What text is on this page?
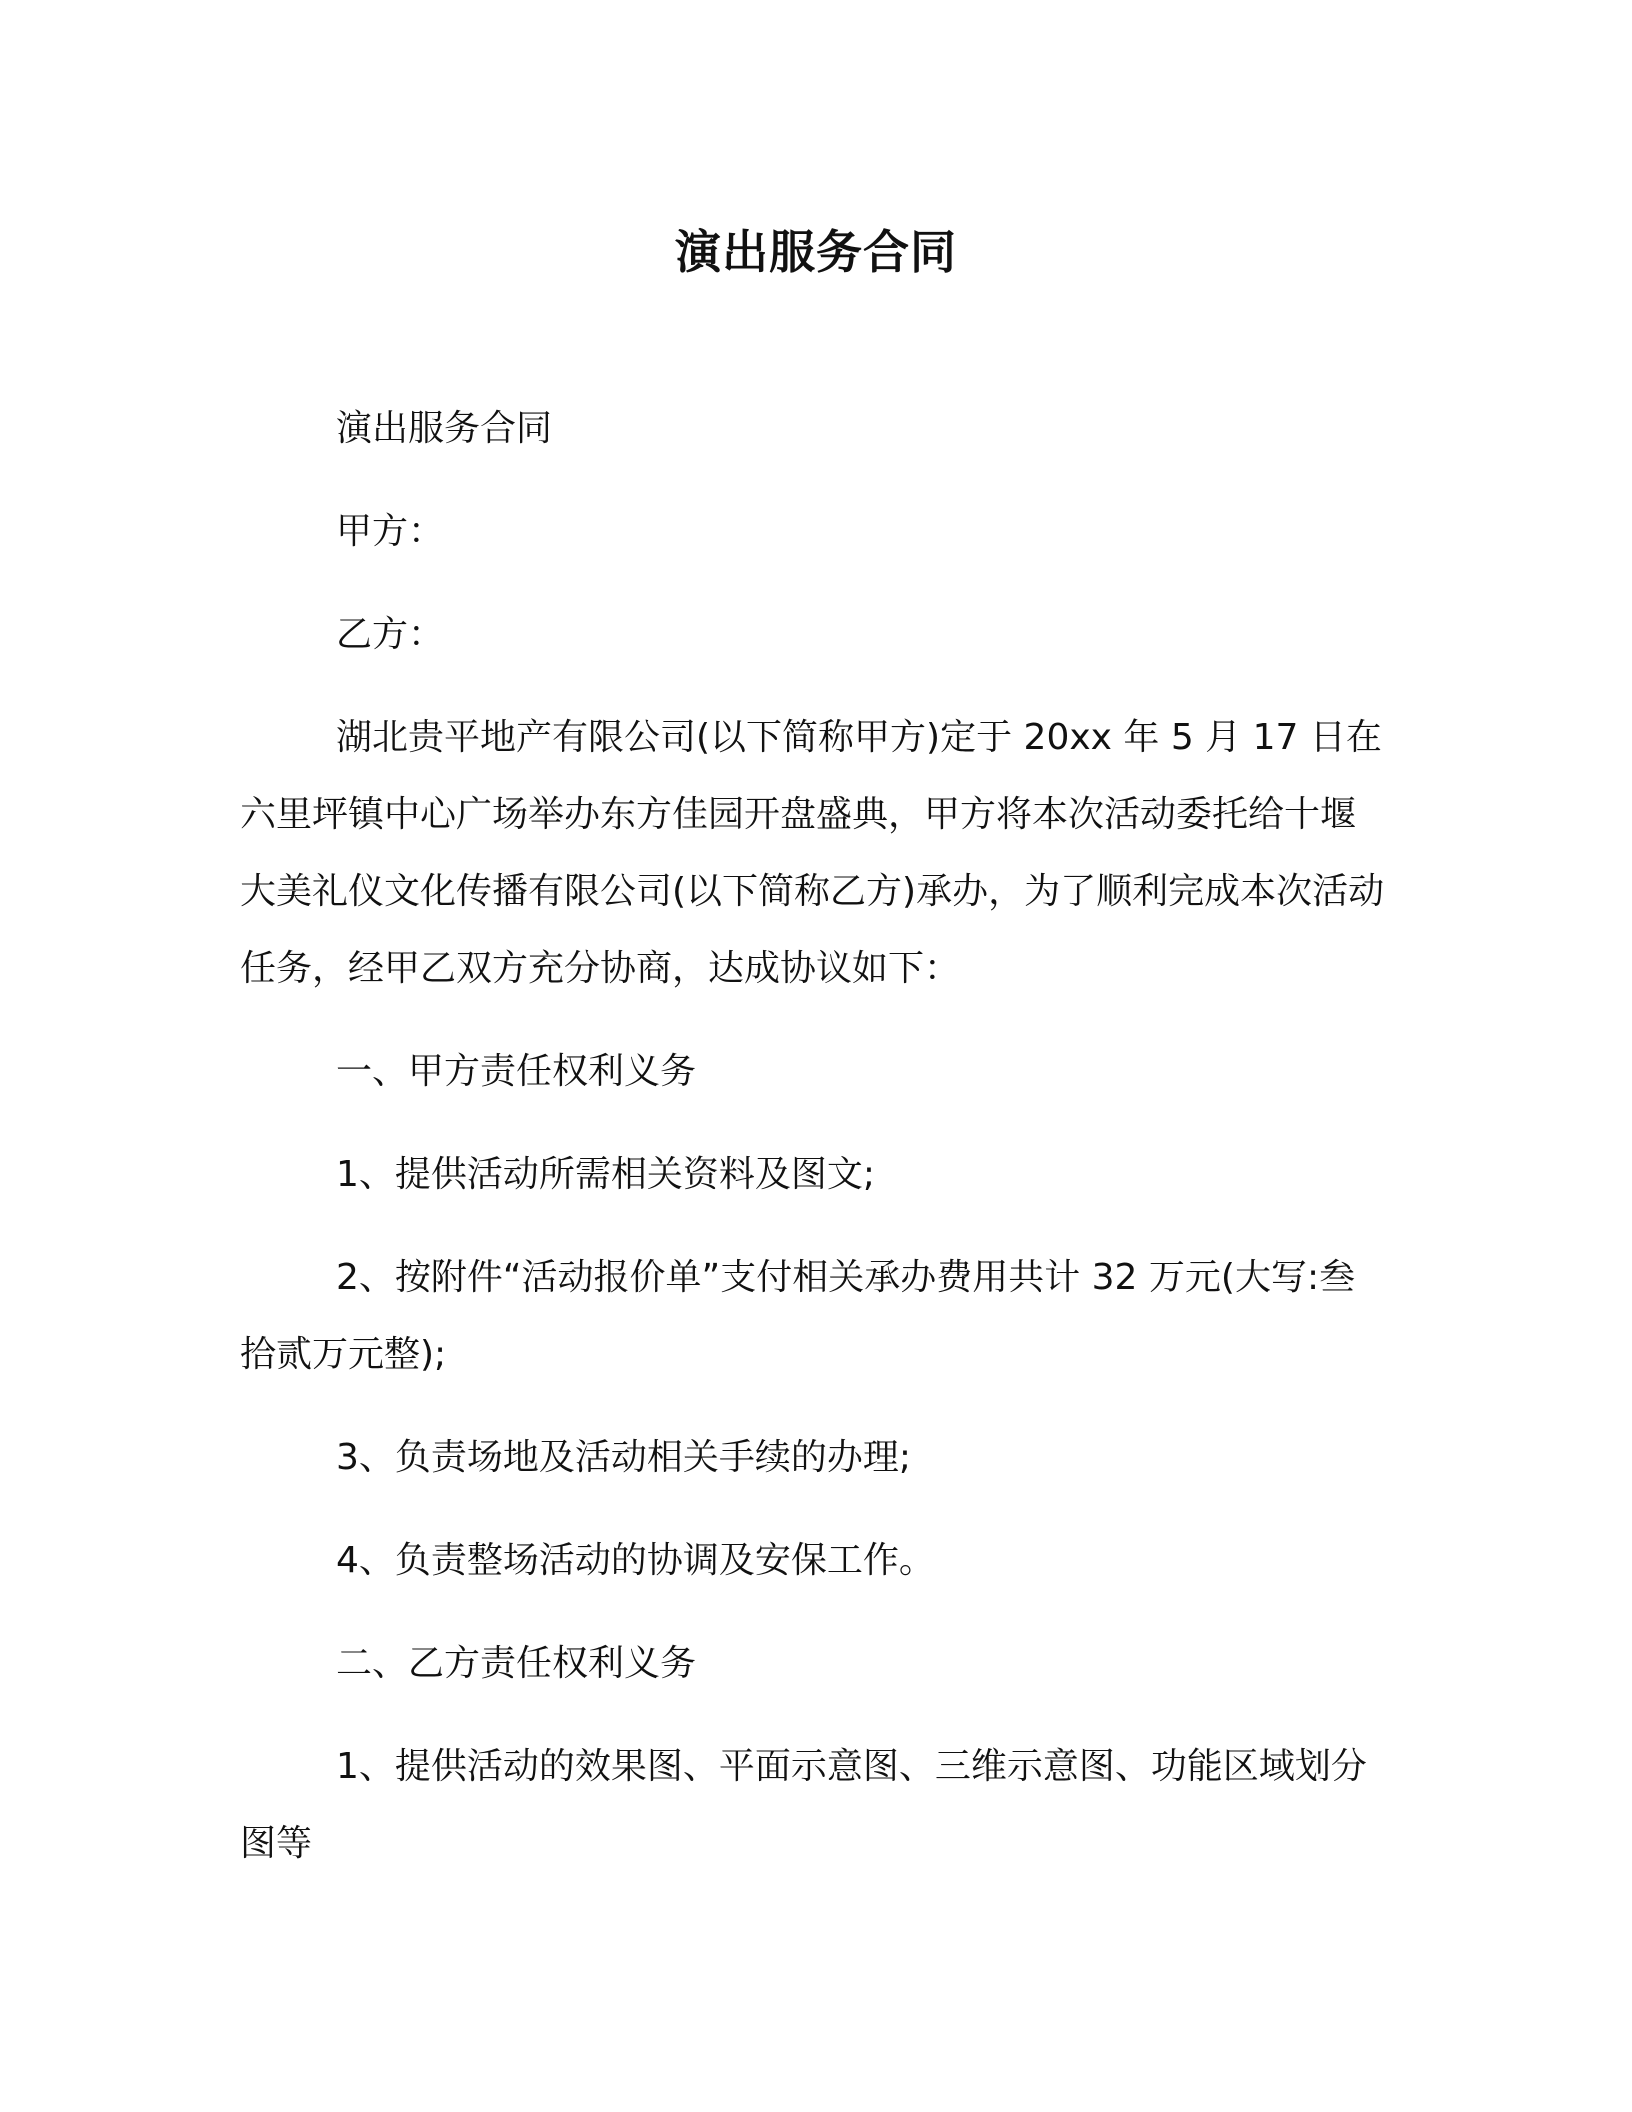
演出服务合同

演出服务合同

甲方：

乙方：

湖北贵平地产有限公司(以下简称甲方)定于 20xx 年 5 月 17 日在六里坪镇中心广场举办东方佳园开盘盛典，甲方将本次活动委托给十堰大美礼仪文化传播有限公司(以下简称乙方)承办，为了顺利完成本次活动任务，经甲乙双方充分协商，达成协议如下：

一、甲方责任权利义务

1、提供活动所需相关资料及图文;

2、按附件“活动报价单”支付相关承办费用共计 32 万元(大写:叁拾贰万元整);

3、负责场地及活动相关手续的办理;

4、负责整场活动的协调及安保工作。

二、乙方责任权利义务

1、提供活动的效果图、平面示意图、三维示意图、功能区域划分图等
